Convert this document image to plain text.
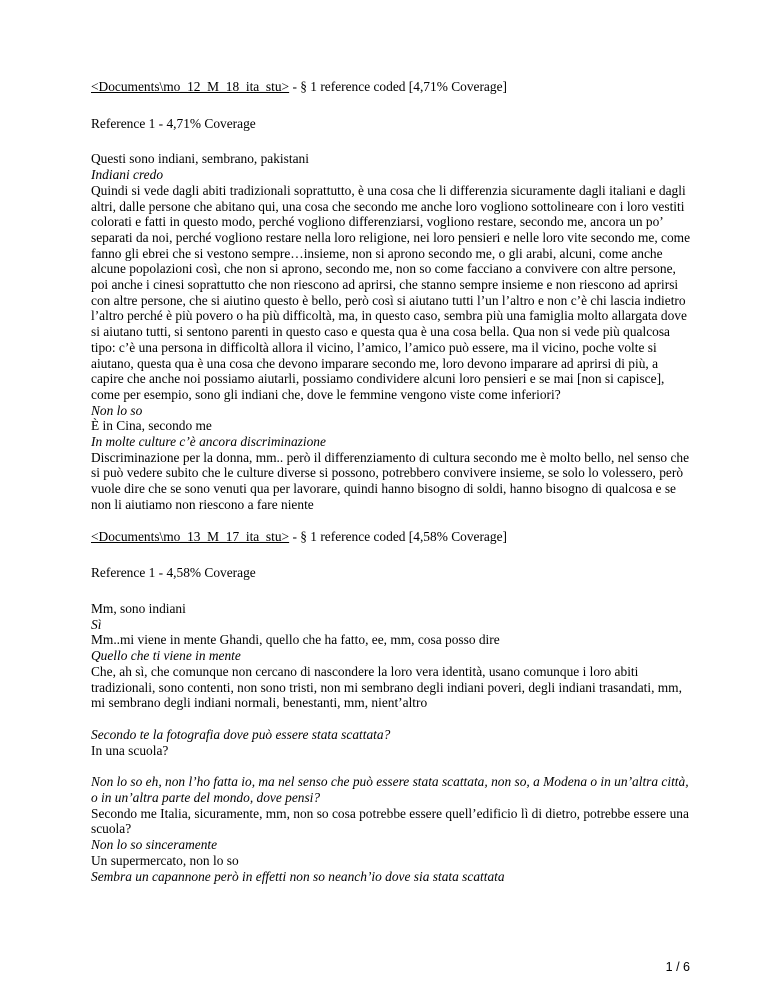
<Documents\mo_12_M_18_ita_stu> - § 1 reference coded [4,71% Coverage]
Reference 1 - 4,71% Coverage
Questi sono indiani, sembrano, pakistani
Indiani credo
Quindi si vede dagli abiti tradizionali soprattutto, è una cosa che li differenzia sicuramente dagli italiani e dagli altri, dalle persone che abitano qui, una cosa che secondo me anche loro vogliono sottolineare con i loro vestiti colorati e fatti in questo modo, perché vogliono differenziarsi, vogliono restare, secondo me, ancora un po’ separati da noi, perché vogliono restare nella loro religione, nei loro pensieri e nelle loro vite secondo me, come fanno gli ebrei che si vestono sempre…insieme, non si aprono secondo me, o gli arabi, alcuni, come anche alcune popolazioni così, che non si aprono, secondo me, non so come facciano a convivere con altre persone, poi anche i cinesi soprattutto che non riescono ad aprirsi, che stanno sempre insieme e non riescono ad aprirsi con altre persone, che si aiutino questo è bello, però così si aiutano tutti l’un l’altro e non c’è chi lascia indietro l’altro perché è più povero o ha più difficoltà, ma, in questo caso, sembra più una famiglia molto allargata dove si aiutano tutti, si sentono parenti in questo caso e questa qua è una cosa bella. Qua non si vede più qualcosa tipo: c’è una persona in difficoltà allora il vicino, l’amico, l’amico può essere, ma il vicino, poche volte si aiutano, questa qua è una cosa che devono imparare secondo me, loro devono imparare ad aprirsi di più, a capire che anche noi possiamo aiutarli, possiamo condividere alcuni loro pensieri e se mai [non si capisce], come per esempio, sono gli indiani che, dove le femmine vengono viste come inferiori?
Non lo so
È in Cina, secondo me
In molte culture c’è ancora discriminazione
Discriminazione per la donna, mm.. però il differenziamento di cultura secondo me è molto bello, nel senso che si può vedere subito che le culture diverse si possono, potrebbero convivere insieme, se solo lo volessero, però vuole dire che se sono venuti qua per lavorare, quindi hanno bisogno di soldi, hanno bisogno di qualcosa e se non li aiutiamo non riescono a fare niente
<Documents\mo_13_M_17_ita_stu> - § 1 reference coded [4,58% Coverage]
Reference 1 - 4,58% Coverage
Mm, sono indiani
Sì
Mm..mi viene in mente Ghandi, quello che ha fatto, ee, mm, cosa posso dire
Quello che ti viene in mente
Che, ah sì, che comunque non cercano di nascondere la loro vera identità, usano comunque i loro abiti tradizionali, sono contenti, non sono tristi, non mi sembrano degli indiani poveri, degli indiani trasandati, mm, mi sembrano degli indiani normali, benestanti, mm, nient’altro
Secondo te la fotografia dove può essere stata scattata?
In una scuola?
Non lo so eh, non l’ho fatta io, ma nel senso che può essere stata scattata, non so, a Modena o in un’altra città, o in un’altra parte del mondo, dove pensi?
Secondo me Italia, sicuramente, mm, non so cosa potrebbe essere quell’edificio lì di dietro, potrebbe essere una scuola?
Non lo so sinceramente
Un supermercato, non lo so
Sembra un capannone però in effetti non so neanch’io dove sia stata scattata
1 / 6
